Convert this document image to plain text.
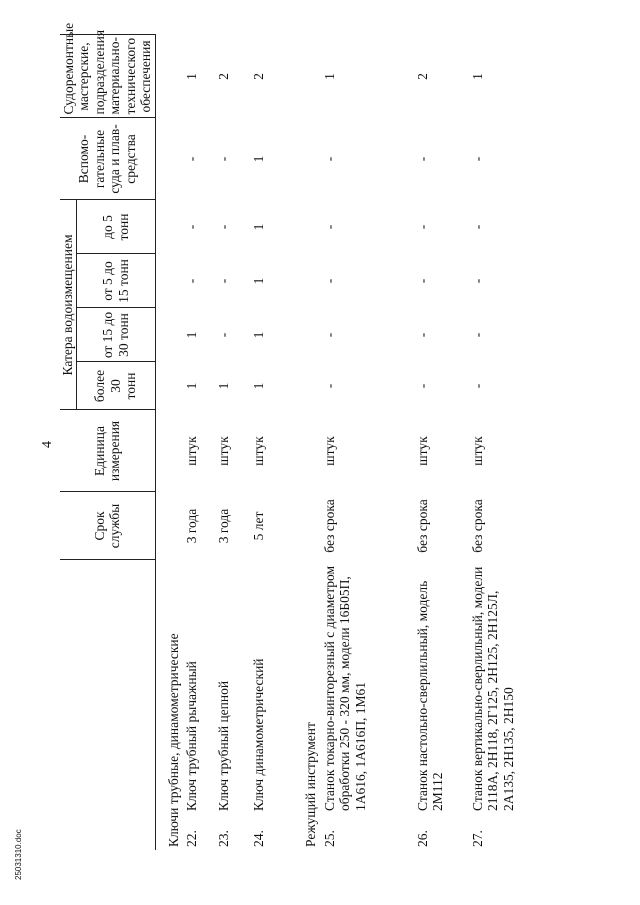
4
		Срок службы	Единица измерения	Катера водоизмещением				Вспомо-гательные суда и плав-средства	Судоремонтные мастерские, подразделения материально-технического обеспечения
				более 30 тонн	от 15 до 30 тонн	от 5 до 15 тонн	до 5 тонн		
Ключи трубные, динамометрические									
22.	Ключ трубный рычажный	3 года	штук	1	1	-	-	-	1
23.	Ключ трубный цепной	3 года	штук	1	-	-	-	-	2
24.	Ключ динамометрический	5 лет	штук	1	1	1	1	1	2
Режущий инструмент									
25.	Станок токарно-винторезный с диаметром обработки 250 - 320 мм, модели 16Б05П, 1А616, 1А616П, 1М61	без срока	штук	-	-	-	-	-	1
26.	Станок настольно-сверлильный, модель 2М112	без срока	штук	-	-	-	-	-	2
27.	Станок вертикально-сверлильный, модели 2118А, 2Н118, 2Г125, 2Н125, 2Н125Л, 2А135, 2Н135, 2Н150	без срока	штук	-	-	-	-	-	1
25031310.doc
